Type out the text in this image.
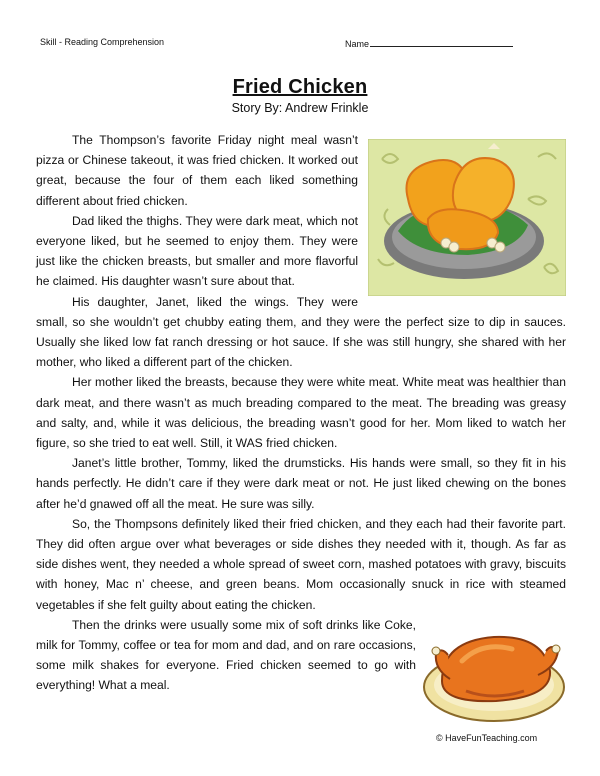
Skill - Reading Comprehension	Name
Fried Chicken
Story By: Andrew Frinkle

The Thompson’s favorite Friday night meal wasn’t pizza or Chinese takeout, it was fried chicken. It worked out great, because the four of them each liked something different about fried chicken.

Dad liked the thighs. They were dark meat, which not everyone liked, but he seemed to enjoy them. They were just like the chicken breasts, but smaller and more flavorful he claimed. His daughter wasn’t sure about that.

His daughter, Janet, liked the wings. They were small, so she wouldn’t get chubby eating them, and they were the perfect size to dip in sauces. Usually she liked low fat ranch dressing or hot sauce. If she was still hungry, she shared with her mother, who liked a different part of the chicken.

Her mother liked the breasts, because they were white meat. White meat was healthier than dark meat, and there wasn’t as much breading compared to the meat. The breading was greasy and salty, and, while it was delicious, the breading wasn’t good for her. Mom liked to watch her figure, so she tried to eat well. Still, it WAS fried chicken.

Janet’s little brother, Tommy, liked the drumsticks. His hands were small, so they fit in his hands perfectly. He didn’t care if they were dark meat or not. He just liked chewing on the bones after he’d gnawed off all the meat. He sure was silly.

So, the Thompsons definitely liked their fried chicken, and they each had their favorite part. They did often argue over what beverages or side dishes they needed with it, though. As far as side dishes went, they needed a whole spread of sweet corn, mashed potatoes with gravy, biscuits with honey, Mac n’ cheese, and green beans. Mom occasionally snuck in rice with steamed vegetables if she felt guilty about eating the chicken.

Then the drinks were usually some mix of soft drinks like Coke, milk for Tommy, coffee or tea for mom and dad, and on rare occasions, some milk shakes for everyone. Fried chicken seemed to go with everything! What a meal.

© HaveFunTeaching.com
